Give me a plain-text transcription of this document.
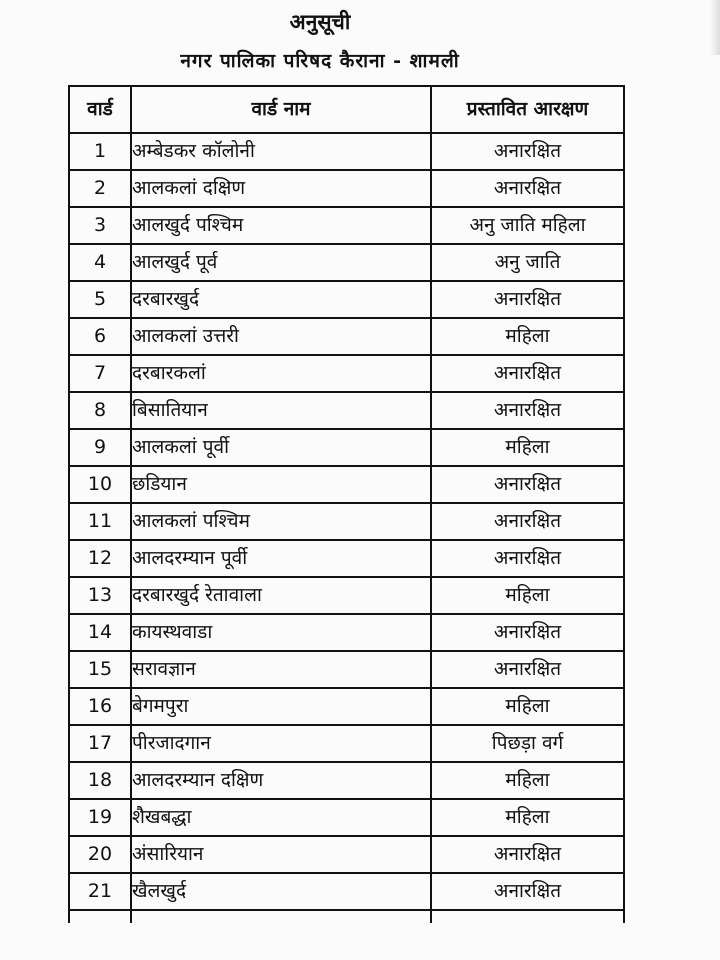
अनुसूची
नगर पालिका परिषद कैराना - शामली
वार्ड	वार्ड नाम	प्रस्तावित आरक्षण
1	अम्बेडकर कॉलोनी	अनारक्षित
2	आलकलां दक्षिण	अनारक्षित
3	आलखुर्द पश्चिम	अनु जाति महिला
4	आलखुर्द पूर्व	अनु जाति
5	दरबारखुर्द	अनारक्षित
6	आलकलां उत्तरी	महिला
7	दरबारकलां	अनारक्षित
8	बिसातियान	अनारक्षित
9	आलकलां पूर्वी	महिला
10	छडियान	अनारक्षित
11	आलकलां पश्चिम	अनारक्षित
12	आलदरम्यान पूर्वी	अनारक्षित
13	दरबारखुर्द रेतावाला	महिला
14	कायस्थवाडा	अनारक्षित
15	सरावज्ञान	अनारक्षित
16	बेगमपुरा	महिला
17	पीरजादगान	पिछड़ा वर्ग
18	आलदरम्यान दक्षिण	महिला
19	शैेखबद्धा	महिला
20	अंसारियान	अनारक्षित
21	खैलखुर्द	अनारक्षित
